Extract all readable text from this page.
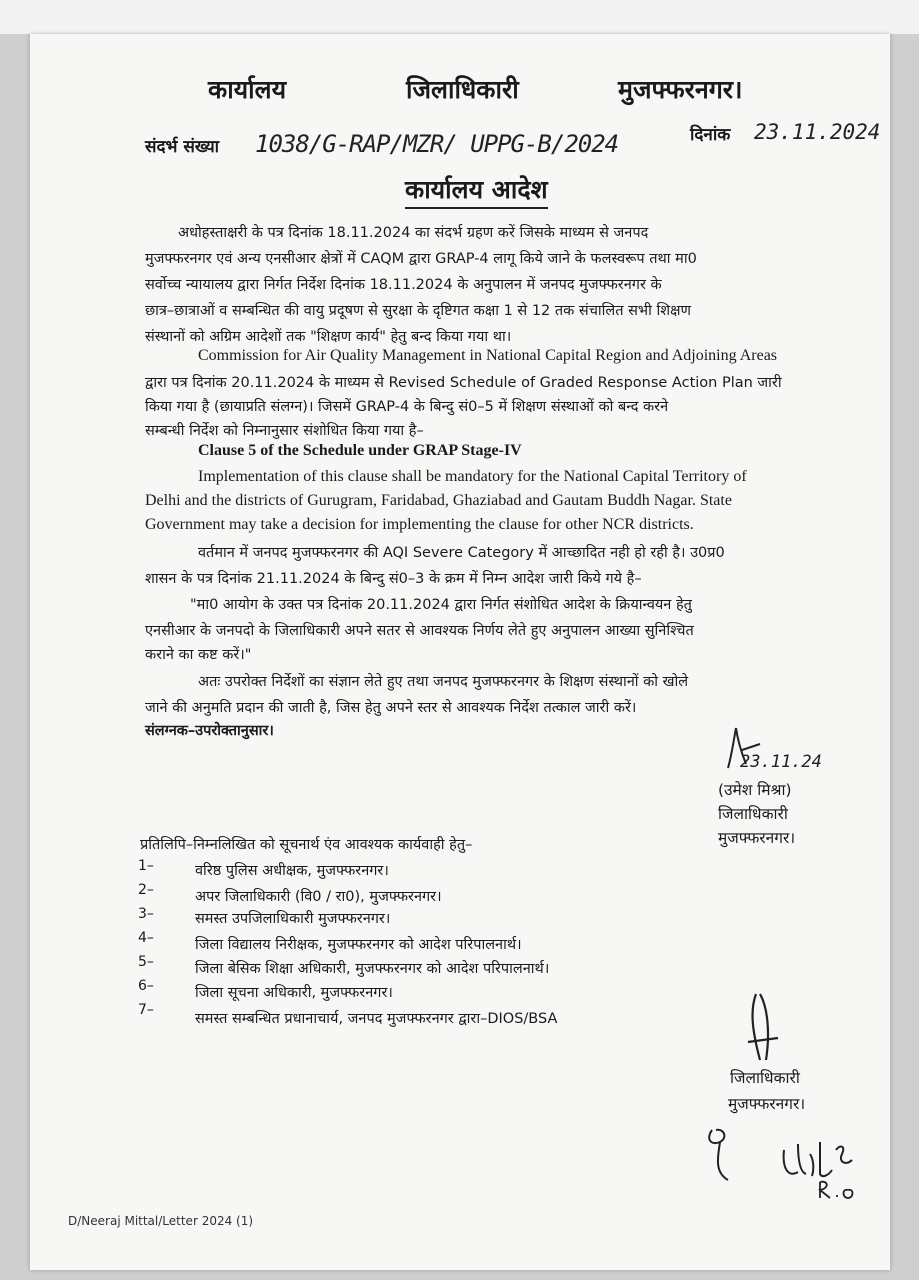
कार्यालय	जिलाधिकारी	मुजफ्फरनगर।
संदर्भ संख्या 1038/G-RAP/MZR/ UPPG-B/2024	दिनांक 23.11.2024
कार्यालय आदेश
अधोहस्ताक्षरी के पत्र दिनांक 18.11.2024 का संदर्भ ग्रहण करें जिसके माध्यम से जनपद
मुजफ्फरनगर एवं अन्य एनसीआर क्षेत्रों में CAQM द्वारा GRAP-4 लागू किये जाने के फलस्वरूप तथा मा0
सर्वोच्च न्यायालय द्वारा निर्गत निर्देश दिनांक 18.11.2024 के अनुपालन में जनपद मुजफ्फरनगर के
छात्र–छात्राओं व सम्बन्धित की वायु प्रदूषण से सुरक्षा के दृष्टिगत कक्षा 1 से 12 तक संचालित सभी शिक्षण
संस्थानों को अग्रिम आदेशों तक "शिक्षण कार्य" हेतु बन्द किया गया था।
Commission for Air Quality Management in National Capital Region and Adjoining Areas
द्वारा पत्र दिनांक 20.11.2024 के माध्यम से Revised Schedule of Graded Response Action Plan जारी
किया गया है (छायाप्रति संलग्न)। जिसमें GRAP-4 के बिन्दु सं0–5 में शिक्षण संस्थाओं को बन्द करने
सम्बन्धी निर्देश को निम्नानुसार संशोधित किया गया है–
Clause 5 of the Schedule under GRAP Stage-IV
Implementation of this clause shall be mandatory for the National Capital Territory of
Delhi and the districts of Gurugram, Faridabad, Ghaziabad and Gautam Buddh Nagar. State
Government may take a decision for implementing the clause for other NCR districts.
वर्तमान में जनपद मुजफ्फरनगर की AQI Severe Category में आच्छादित नही हो रही है। उ0प्र0
शासन के पत्र दिनांक 21.11.2024 के बिन्दु सं0–3 के क्रम में निम्न आदेश जारी किये गये है–
"मा0 आयोग के उक्त पत्र दिनांक 20.11.2024 द्वारा निर्गत संशोधित आदेश के क्रियान्वयन हेतु
एनसीआर के जनपदो के जिलाधिकारी अपने सतर से आवश्यक निर्णय लेते हुए अनुपालन आख्या सुनिश्चित
कराने का कष्ट करें।"
अतः उपरोक्त निर्देशों का संज्ञान लेते हुए तथा जनपद मुजफ्फरनगर के शिक्षण संस्थानों को खोले
जाने की अनुमति प्रदान की जाती है, जिस हेतु अपने स्तर से आवश्यक निर्देश तत्काल जारी करें।
संलग्नक–उपरोक्तानुसार।
23.11.24
(उमेश मिश्रा)
जिलाधिकारी
मुजफ्फरनगर।
प्रतिलिपि–निम्नलिखित को सूचनार्थ एंव आवश्यक कार्यवाही हेतु–
1–	वरिष्ठ पुलिस अधीक्षक, मुजफ्फरनगर।
2–	अपर जिलाधिकारी (वि0 / रा0), मुजफ्फरनगर।
3–	समस्त उपजिलाधिकारी मुजफ्फरनगर।
4–	जिला विद्यालय निरीक्षक, मुजफ्फरनगर को आदेश परिपालनार्थ।
5–	जिला बेसिक शिक्षा अधिकारी, मुजफ्फरनगर को आदेश परिपालनार्थ।
6–	जिला सूचना अधिकारी, मुजफ्फरनगर।
7–
समस्त सम्बन्धित प्रधानाचार्य, जनपद मुजफ्फरनगर द्वारा–DIOS/BSA
जिलाधिकारी
मुजफ्फरनगर।
D/Neeraj Mittal/Letter 2024 (1)
